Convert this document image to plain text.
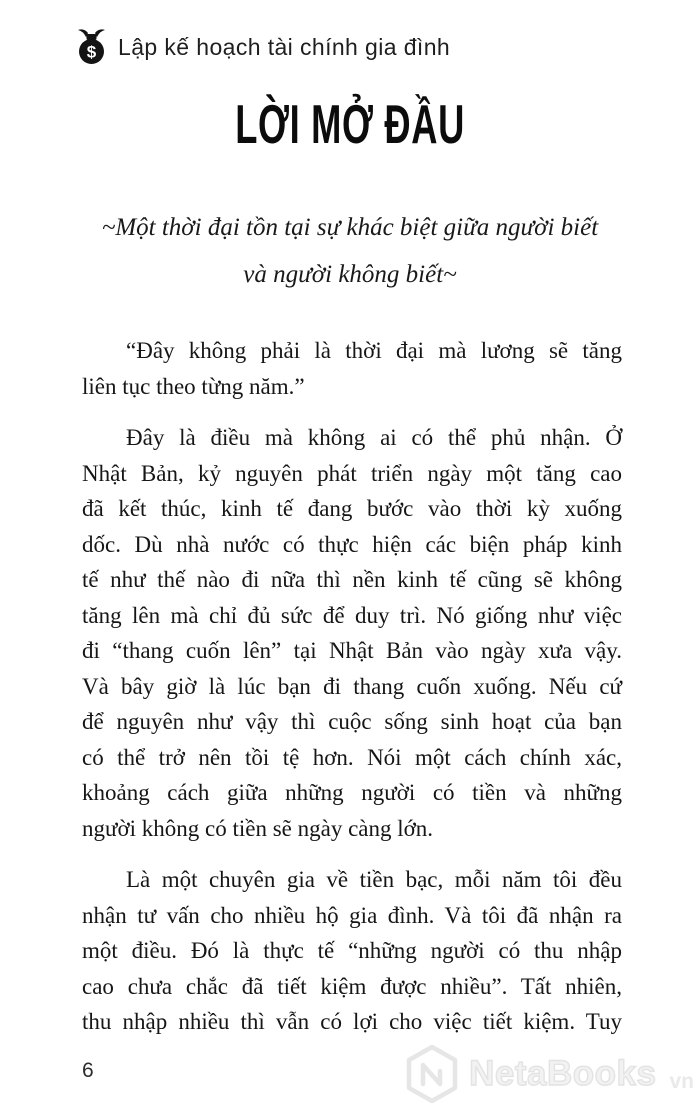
$ Lập kế hoạch tài chính gia đình
LỜI MỞ ĐẦU
~Một thời đại tồn tại sự khác biệt giữa người biết
và người không biết~
“Đây không phải là thời đại mà lương sẽ tăng
liên tục theo từng năm.”
Đây là điều mà không ai có thể phủ nhận. Ở
Nhật Bản, kỷ nguyên phát triển ngày một tăng cao
đã kết thúc, kinh tế đang bước vào thời kỳ xuống
dốc. Dù nhà nước có thực hiện các biện pháp kinh
tế như thế nào đi nữa thì nền kinh tế cũng sẽ không
tăng lên mà chỉ đủ sức để duy trì. Nó giống như việc
đi “thang cuốn lên” tại Nhật Bản vào ngày xưa vậy.
Và bây giờ là lúc bạn đi thang cuốn xuống. Nếu cứ
để nguyên như vậy thì cuộc sống sinh hoạt của bạn
có thể trở nên tồi tệ hơn. Nói một cách chính xác,
khoảng cách giữa những người có tiền và những
người không có tiền sẽ ngày càng lớn.
Là một chuyên gia về tiền bạc, mỗi năm tôi đều
nhận tư vấn cho nhiều hộ gia đình. Và tôi đã nhận ra
một điều. Đó là thực tế “những người có thu nhập
cao chưa chắc đã tiết kiệm được nhiều”. Tất nhiên,
thu nhập nhiều thì vẫn có lợi cho việc tiết kiệm. Tuy
6	NetaBooks vn
